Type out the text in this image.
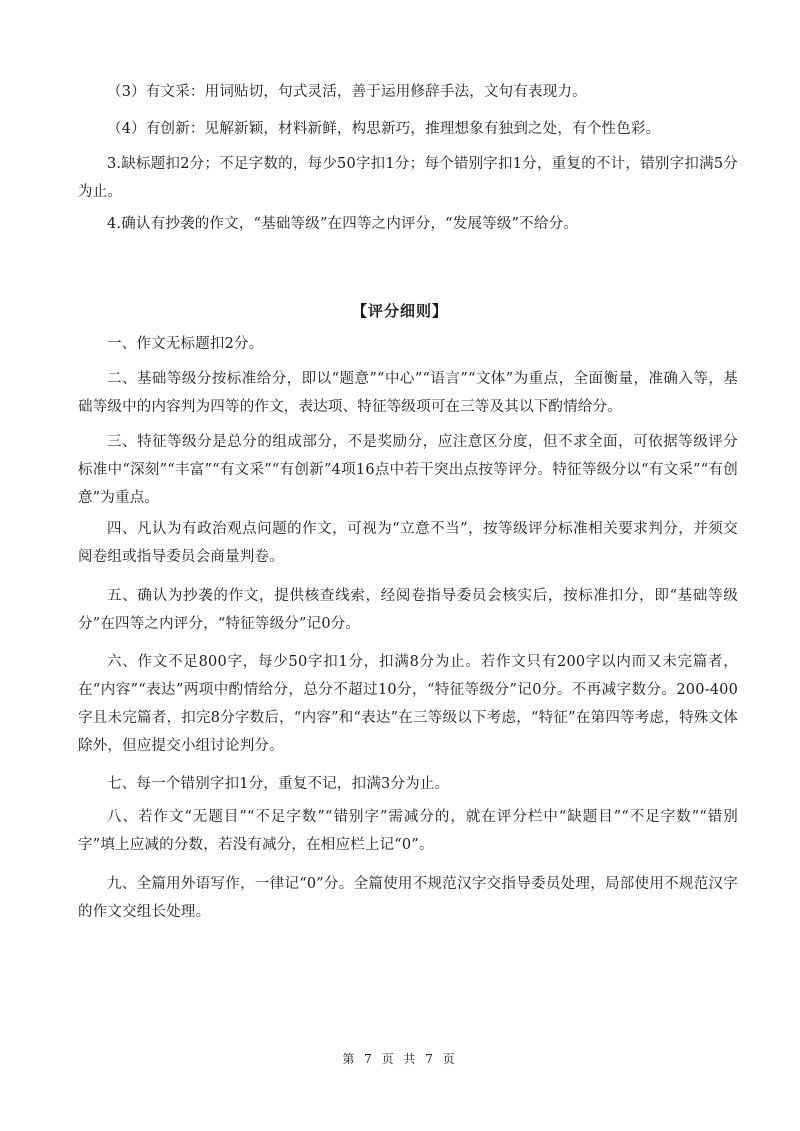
（3）有文采：用词贴切，句式灵活，善于运用修辞手法，文句有表现力。

（4）有创新：见解新颖，材料新鲜，构思新巧，推理想象有独到之处，有个性色彩。

3.缺标题扣2分；不足字数的，每少50字扣1分；每个错别字扣1分，重复的不计，错别字扣满5分为止。

4.确认有抄袭的作文，“基础等级”在四等之内评分，“发展等级”不给分。

【评分细则】

一、作文无标题扣2分。

二、基础等级分按标准给分，即以“题意”“中心”“语言”“文体”为重点，全面衡量，准确入等，基础等级中的内容判为四等的作文，表达项、特征等级项可在三等及其以下酌情给分。

三、特征等级分是总分的组成部分，不是奖励分，应注意区分度，但不求全面，可依据等级评分标准中“深刻”“丰富”“有文采”“有创新”4项16点中若干突出点按等评分。特征等级分以“有文采”“有创意”为重点。

四、凡认为有政治观点问题的作文，可视为“立意不当”，按等级评分标准相关要求判分，并须交阅卷组或指导委员会商量判卷。

五、确认为抄袭的作文，提供核查线索，经阅卷指导委员会核实后，按标准扣分，即“基础等级分”在四等之内评分，“特征等级分”记0分。

六、作文不足800字，每少50字扣1分，扣满8分为止。若作文只有200字以内而又未完篇者，在“内容”“表达”两项中酌情给分，总分不超过10分，“特征等级分”记0分。不再减字数分。200-400字且未完篇者，扣完8分字数后，“内容”和“表达”在三等级以下考虑，“特征”在第四等考虑，特殊文体除外，但应提交小组讨论判分。

七、每一个错别字扣1分，重复不记，扣满3分为止。

八、若作文“无题目”“不足字数”“错别字”需减分的，就在评分栏中“缺题目”“不足字数”“错别字”填上应减的分数，若没有减分，在相应栏上记“0”。

九、全篇用外语写作，一律记“0”分。全篇使用不规范汉字交指导委员处理，局部使用不规范汉字的作文交组长处理。

第 7 页 共 7 页
